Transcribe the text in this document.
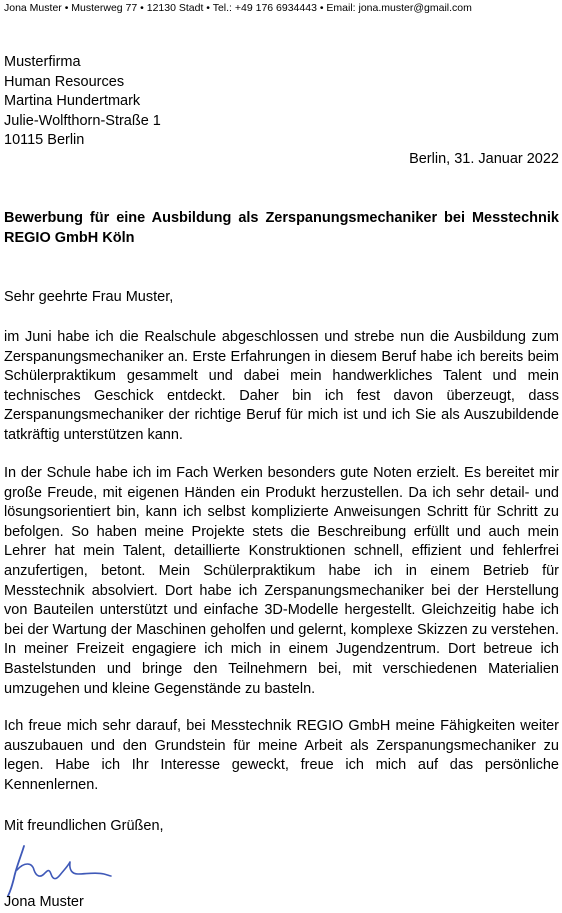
Jona Muster • Musterweg 77 • 12130 Stadt • Tel.: +49 176 6934443 • Email: jona.muster@gmail.com
Musterfirma
Human Resources
Martina Hundertmark
Julie-Wolfthorn-Straße 1
10115 Berlin
Berlin, 31. Januar 2022
Bewerbung für eine Ausbildung als Zerspanungsmechaniker bei Messtechnik REGIO GmbH Köln

Sehr geehrte Frau Muster,

im Juni habe ich die Realschule abgeschlossen und strebe nun die Ausbildung zum Zerspanungsmechaniker an. Erste Erfahrungen in diesem Beruf habe ich bereits beim Schülerpraktikum gesammelt und dabei mein handwerkliches Talent und mein technisches Geschick entdeckt. Daher bin ich fest davon überzeugt, dass Zerspanungsmechaniker der richtige Beruf für mich ist und ich Sie als Auszubildende tatkräftig unterstützen kann.

In der Schule habe ich im Fach Werken besonders gute Noten erzielt. Es bereitet mir große Freude, mit eigenen Händen ein Produkt herzustellen. Da ich sehr detail- und lösungsorientiert bin, kann ich selbst komplizierte Anweisungen Schritt für Schritt zu befolgen. So haben meine Projekte stets die Beschreibung erfüllt und auch mein Lehrer hat mein Talent, detaillierte Konstruktionen schnell, effizient und fehlerfrei anzufertigen, betont. Mein Schülerpraktikum habe ich in einem Betrieb für Messtechnik absolviert. Dort habe ich Zerspanungsmechaniker bei der Herstellung von Bauteilen unterstützt und einfache 3D-Modelle hergestellt. Gleichzeitig habe ich bei der Wartung der Maschinen geholfen und gelernt, komplexe Skizzen zu verstehen. In meiner Freizeit engagiere ich mich in einem Jugendzentrum. Dort betreue ich Bastelstunden und bringe den Teilnehmern bei, mit verschiedenen Materialien umzugehen und kleine Gegenstände zu basteln.

Ich freue mich sehr darauf, bei Messtechnik REGIO GmbH meine Fähigkeiten weiter auszubauen und den Grundstein für meine Arbeit als Zerspanungsmechaniker zu legen. Habe ich Ihr Interesse geweckt, freue ich mich auf das persönliche Kennenlernen.

Mit freundlichen Grüßen,

Jona Muster
